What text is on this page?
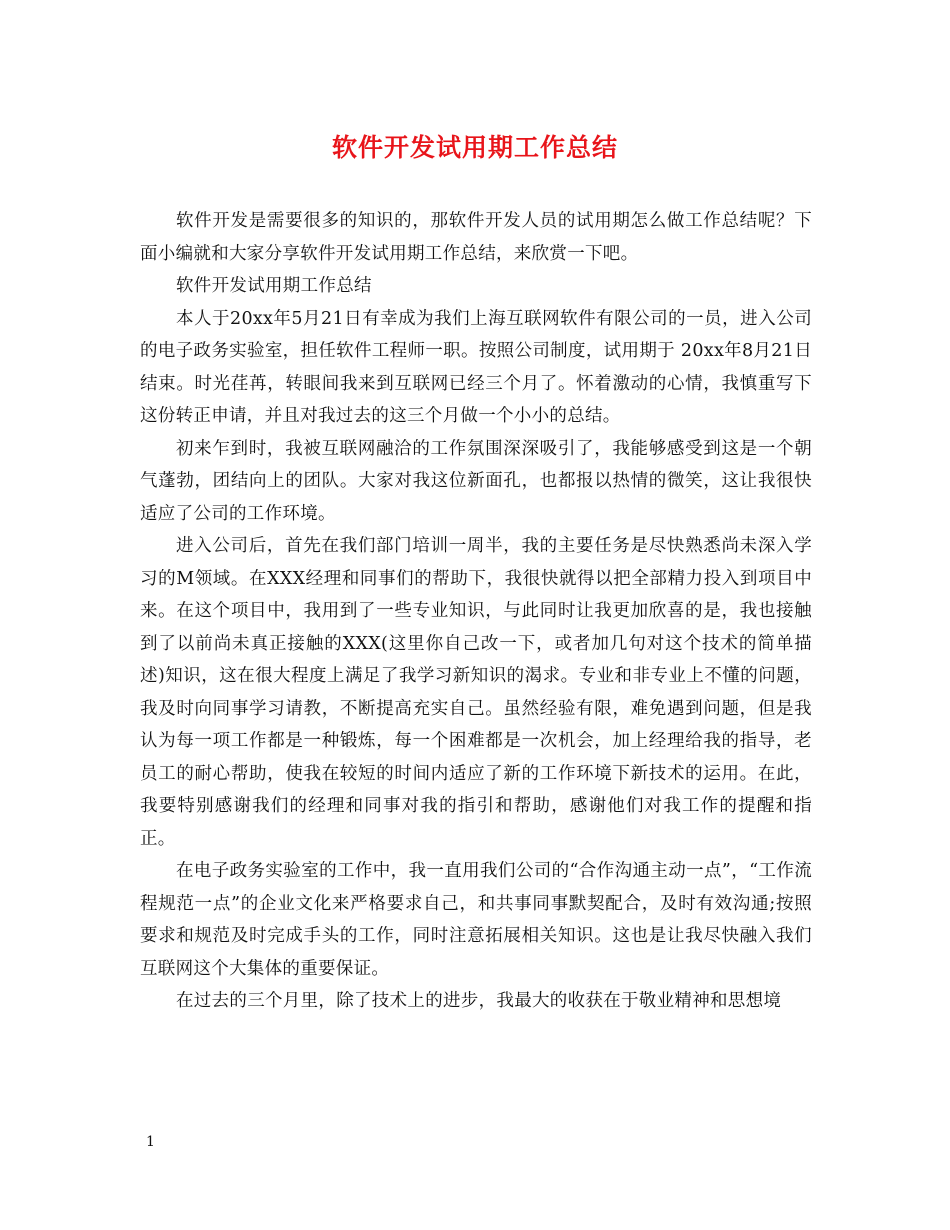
软件开发试用期工作总结

软件开发是需要很多的知识的，那软件开发人员的试用期怎么做工作总结呢？下面小编就和大家分享软件开发试用期工作总结，来欣赏一下吧。

软件开发试用期工作总结

本人于20xx年5月21日有幸成为我们上海互联网软件有限公司的一员，进入公司的电子政务实验室，担任软件工程师一职。按照公司制度，试用期于 20xx年8月21日结束。时光荏苒，转眼间我来到互联网已经三个月了。怀着激动的心情，我慎重写下这份转正申请，并且对我过去的这三个月做一个小小的总结。

初来乍到时，我被互联网融洽的工作氛围深深吸引了，我能够感受到这是一个朝气蓬勃，团结向上的团队。大家对我这位新面孔，也都报以热情的微笑，这让我很快适应了公司的工作环境。

进入公司后，首先在我们部门培训一周半，我的主要任务是尽快熟悉尚未深入学习的M领域。在XXX经理和同事们的帮助下，我很快就得以把全部精力投入到项目中来。在这个项目中，我用到了一些专业知识，与此同时让我更加欣喜的是，我也接触到了以前尚未真正接触的XXX(这里你自己改一下，或者加几句对这个技术的简单描述)知识，这在很大程度上满足了我学习新知识的渴求。专业和非专业上不懂的问题，我及时向同事学习请教，不断提高充实自己。虽然经验有限，难免遇到问题，但是我认为每一项工作都是一种锻炼，每一个困难都是一次机会，加上经理给我的指导，老员工的耐心帮助，使我在较短的时间内适应了新的工作环境下新技术的运用。在此，我要特别感谢我们的经理和同事对我的指引和帮助，感谢他们对我工作的提醒和指正。

在电子政务实验室的工作中，我一直用我们公司的“合作沟通主动一点”，“工作流程规范一点”的企业文化来严格要求自己，和共事同事默契配合，及时有效沟通;按照要求和规范及时完成手头的工作，同时注意拓展相关知识。这也是让我尽快融入我们互联网这个大集体的重要保证。

在过去的三个月里，除了技术上的进步，我最大的收获在于敬业精神和思想境

1
